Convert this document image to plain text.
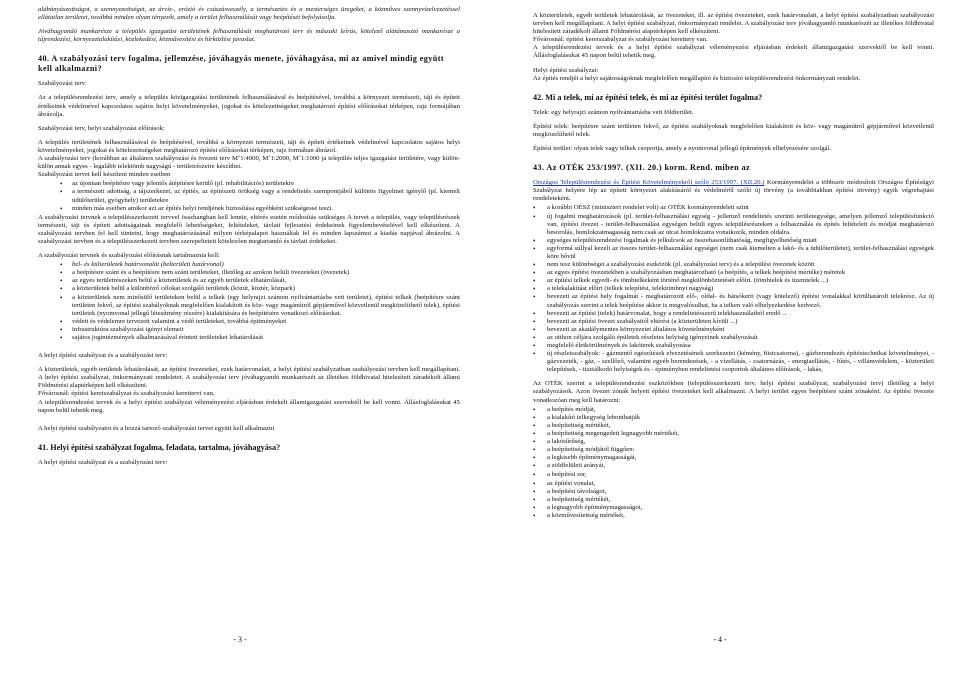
alábányászottságot, a szennyezettséget, az árvíz-, erózió és csúszásveszély, a természetes és a mesterséges üregeket, a közműves szennyvízelvezetéssel ellátatlan területet, továbbá minden olyan tényezőt, amely a terület felhasználását vagy beépítését befolyásolja.

Jóváhagyandó munkarésze a település igazgatási területének felhasználását meghatározó terv és műszaki leírás, kötelező alátámasztó munkarésze a tájrendezési, környezetalakítási, közlekedési, közművesítési és hírközlési javaslat.

40. A szabályozási terv fogalma, jellemzése, jóváhagyás menete, jóváhagyása, mi az amivel mindig együtt kell alkalmazni?

Szabályozási terv:

Az a településrendezési terv, amely a település közigazgatási területének felhasználásával és beépítésével, továbbá a környezet természeti, táji és épített értékeinek védelmével kapcsolatos sajátos helyi követelményeket, jogokat és kötelezettségeket meghatározó építési előírásokat térképen, rajz formájában ábrázolja.

Szabályozási terv, helyi szabályozási előírások:

A település területének felhasználásával és beépítésével, továbbá a környezet természeti, táji és épített értékeinek védelmével kapcsolatos sajátos helyi követelményeket, jogokat és kötelezettségeket meghatározó építési előírásokat térképen, rajz formában ábrázol.

A szabályozási terv (korábban az általános szabályozási és övezeti terv M˚1:4000, M˚1:2000, M˚1:1000 ja település teljes igazgatási területére, vagy külön-külön annak egyes - legalább telektömb nagyságú - területrészeire készíthet.

Szabályozási tervet kell készíteni minden esetben

•	az újonnan beépítésre vagy jelentős átépítésre kerülő (pl. rehabilitációs) területekre
•	a természeti adottság, a tájszerkezet, az épités, az építészeti örökség vagy a rendeltetés szempontjából különös figyelmet igénylő (pl. kiemelt üdülőterület, gyógyhely) területekre
•	minden más esetben amikor azt az építés helyi rendjének biztosítása egyébként szükségessé teszi.

A szabályozási tervnek a településszerkezeti tervvel összhangban kell lennie, eltérés esetén módosítás szükséges A tervet a település, vagy településrészek természeti, táji és épített adottságainak megfelelő lehetőségeket, feltételeket, távlati fejlesztési érdekeinek figyelembevételével kell elkészíteni. A szabályozási tervben fel kell tüntetni, hogy meghatározásánál milyen térképalapot használtak fel és minden lapszámot a kiadás napjával ábrázolni. A szabályozási tervben és a településszerkezeti tervben szerepeltetett kötelezően megtartandó és távlati érdekeket.

A szabályozási tervnek és szabályozási előírásnak tartalmaznia kell:

•	bel- és külterületek határvonalát (belterületi határvonal)
•	a beépítésre szánt és a beépítésre nem szánt területeket, illetőleg az azokon belüli övezeteket (övezetek)
•	az egyes területrészeken belül a közterületek és az egyéb területek elhatárolását,
•	a közterületek belül a különböző célokat szolgáló területek (közút, köztér, közpark)
•	a közterületek nem minősülő területeken belül a telkek (egy helyrajzi számon nyilvántartásba vett területet), építési telkek (beépítésre szánt területen fekvő, az építési szabályoknak megfelelően kialakított és köz- vagy magánútról gépjárművel közvetlenül megközelíthető telek), építési területek (nyomvonal jellegű létesítmény részére) kialakítására és beépítésére vonatkozó előírásokat.
•	védett és védelemre tervezett valamint a védő területeket, továbbá épitményeket
•	infrastruktúra szabályozási igényt elemeit
•	sajátos jogintézmények alkalmazásával érintett területeket lehatárolását

A helyi építési szabályzat és a szabályozási terv:

A közterületek, egyéb területek lehatárolását, az építési övezeteket, ezek határvonalait, a helyi építési szabályzatban szabályozási tervben kell megállapítani. A helyi építési szabályzat, önkormányzati rendeletet. A szabályozási terv jóváhagyandó munkarészét az illetékes földhivatal hitelesített záradékolt állami Földmérési alaptérképen kell elkészíteni.

Fővárosnál: építési keretszabályzat és szabályozási kerettervt van.

A településrendezési tervek és a helyi építési szabályzat véleményezési eljárásban érdekelt államigazgatási szervektől be kell vonni. Állásfoglalásukat 45 napon belül tehetik meg.

A helyi építési szabályzatot és a hozzá tartozó szabályozási tervet együtt kell alkalmazni

41. Helyi építési szabályzat fogalma, feladata, tartalma, jóváhagyása?

A helyi építési szabályzat és a szabályozási terv:

- 3 -

A közterületek, egyéb területek lehatárolását, az övezeteket, ill. az építési övezeteket, ezek határvonalait, a helyi építési szabályzatban szabályozási tervben kell megállapítani. A helyi építési szabályzat, önkormányzati rendelet. A szabályozási terv jóváhagyandó munkarészét az illetékes földhivatal hitelesített záradékolt állami Földmérési alaptérképen kell elkészíteni.

Fővárosnál: építési keretszabályzat és szabályozási kerettery van.

A településrendezési tervek és a helyi építési szabályzat véleményezési eljárásban érdekelt államigazgatási szervektől be kell vonni. Állásfoglalásukat 45 napon belül tehetik meg.

Helyi építési szabályzat:

Az építés rendjét a helyi sajátosságoknak megfelelően megállapító és biztosító településrendezési önkormányzati rendelet.

42. Mi a telek, mi az építési telek, és mi az építési terület fogalma?

Telek: egy helyrajzi számon nyilvántartásba vett földterület.

Építési telek: beépítésre szánt területen fekvő, az építési szabályoknak megfelelően kialakított és köz- vagy magánútról gépjárművel közvetlenül megközelíthető telek.

Építési terület: olyan telek vagy telkek csoportja, amely a nyomvonal jellegű építmények elhelyezésére szolgál.

43. Az OTÉK 253/1997. (XII. 20.) korm. Rend. miben az

Országos Településrendezési és Építési Követelményekről szóló 253/1997. (XII.20.) Kormányrendelet a többször módosított Országos Építésügyi Szabályzat helyére lép az épített környezet alakításáról és védelméről szóló új törvény (a továbbiakban építési törvény) egyik végrehajtási rendeleteként.

•	a korábbi OÉSZ (minisztert rendelet volt) az OTÉK kormányrendeleti szint
•	új fogalmi meghatározások (pl. terület-felhasználási egység - jellemző rendeltetés szerinti területegysége, amelyen jellemző településfunkció van, építési övezet - terület-felhasználási egységen belüli egyes településrészeken a felhasználás és építés feltételeit és módját meghatározó besorolás, homlokzatmagasság nem csak az utcai homlokzatra vonatkozik, minden oldalra.
•	egységes településrendezési fogalmak és jelkulcsok az összehasonlíthatóság, megfigyelhetőség miatt
•	egyformá súllyal kezeli az összes terület-felhasználási egységet (nem csak kiemelten a lakó- és a üdülőterületet), terület-felhasználási egységek köre bővül
•	nem tesz különbséget a szabályozási eszközök (pl. szabályozási terv) és a települési övezetek között
•	az egyes építési övezetekben a szabályozásban meghatározható (a beépítés, a telkek beépítési mértéke) méretek
•	az építési telkek egyedi- és tömbtelkeként történő megkülönböztetését előírt. (tömbtelek és üzemtelek ...)
•	a telekalakítást előírt (telkek telepítési, telektömbnyi nagyság)
•	bevezeti az építési hely fogalmát - meghatározott elő-, oldal- és hátsókerti (vagy kötelező) építési vonalakkal körülhatárolt telekrész. Az új szabályozás szerint a telek beépítése akkor is megvalósulhat, ha a telken való elhelyezkedése kedvező.
•	bevezeti az építési (telek) határvonalat, hogy a rendeltetésszerű telekhasználatból eredő ...
•	bevezeti az építési övezet szabályaitól eltérést (a közterületen kívüli ...)
•	bevezeti az akadálymentes környezetet általános követelményként
•	az otthon céljára szolgáló épületek részletes helyiség igényeinek szabályozását
•	megfelelő életkörülmények és lakóterek szabályozása
•	új részletszabályok: - gázmentő egészítések elvezetésének szerkezetei (kémény, füstcsatorna), - gázberendezés építéstechnikai követelményei, - gázvezeték, - gáz, - szellőző, valamint egyéb berendezések, - a vízellátás, - csatornázás, - energiaellátás, - fűtés, - villámvédelem, - közterületi telepítések, - tisztálkodó helyiségek és - éptményben rendeltetési csoportok általános előírások, - lakás,

Az OTÉK szerint a településrendezési eszközökben (településszerkezeti terv, helyi építési szabályzat, szabályozási terv) illetőleg a helyi szabályozások. Azon övezet zónák helyett építési övezeteket kell alkalmazni. A helyi terület egyes beépítésre szánt zónaként. Az építési övezete vonatkozóan meg kell határozni:

•	a beépítés módját,
•	a kialakító telkegység lebonthatják
•	a beépítettség mértékét,
•	a beépítettség megengedett legnagyobb mértékét,
•	a lakósűrűség,
•	a beépítettség módjától függően:
•	a legkisebb építménymagasságát,
•	a zöldfelületi arányát,
•	a beépítési sor,
•	az építési vonalat,
•	a beépítési távolságot,
•	a beépítettség mértékét,
•	a legnagyobb építménymagasságot,
•	a közművesítettség mértékét,
- 4 -
